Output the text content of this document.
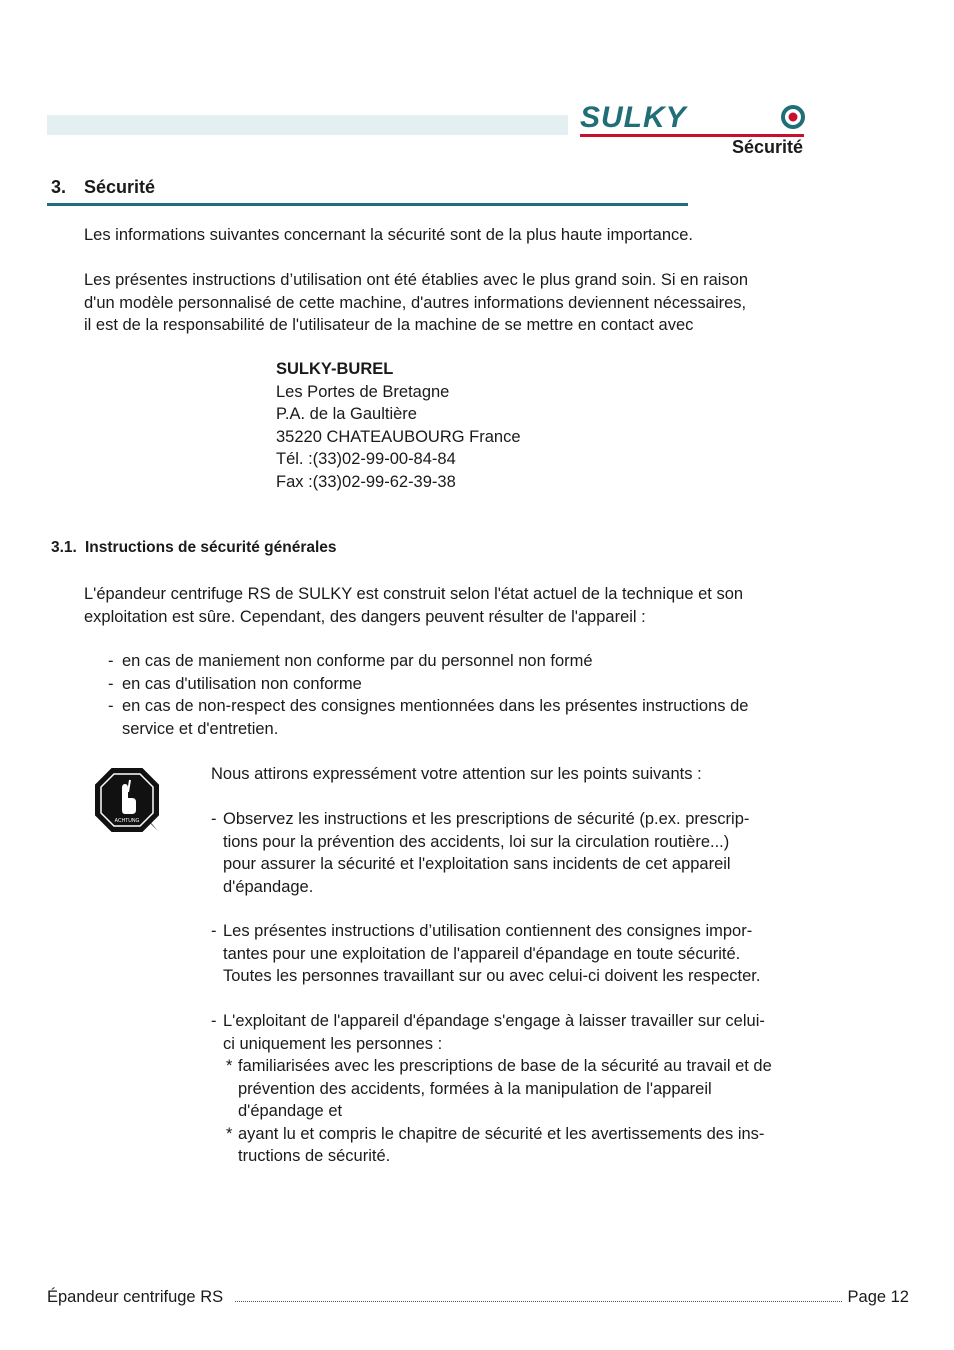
SULKY
Sécurité
3. Sécurité
Les informations suivantes concernant la sécurité sont de la plus haute importance.
Les présentes instructions d’utilisation ont été établies avec le plus grand soin. Si en raison
d'un modèle personnalisé de cette machine, d'autres informations deviennent nécessaires,
il est de la responsabilité de l'utilisateur de la machine de se mettre en contact avec
SULKY-BUREL
Les Portes de Bretagne
P.A. de la Gaultière
35220 CHATEAUBOURG France
Tél. :(33)02-99-00-84-84
Fax :(33)02-99-62-39-38
3.1. Instructions de sécurité générales
L'épandeur centrifuge RS de SULKY est construit selon l'état actuel de la technique et son
exploitation est sûre. Cependant, des dangers peuvent résulter de l'appareil :
- en cas de maniement non conforme par du personnel non formé
- en cas d'utilisation non conforme
- en cas de non-respect des consignes mentionnées dans les présentes instructions de
service et d'entretien.
ACHTUNG
Nous attirons expressément votre attention sur les points suivants :
- Observez les instructions et les prescriptions de sécurité (p.ex. prescrip-
tions pour la prévention des accidents, loi sur la circulation routière...)
pour assurer la sécurité et l'exploitation sans incidents de cet appareil
d'épandage.
- Les présentes instructions d’utilisation contiennent des consignes impor-
tantes pour une exploitation de l'appareil d'épandage en toute sécurité.
Toutes les personnes travaillant sur ou avec celui-ci doivent les respecter.
- L'exploitant de l'appareil d'épandage s'engage à laisser travailler sur celui-
ci uniquement les personnes :
* familiarisées avec les prescriptions de base de la sécurité au travail et de
prévention des accidents, formées à la manipulation de l'appareil
d'épandage et
* ayant lu et compris le chapitre de sécurité et les avertissements des ins-
tructions de sécurité.
Épandeur centrifuge RS	Page 12
